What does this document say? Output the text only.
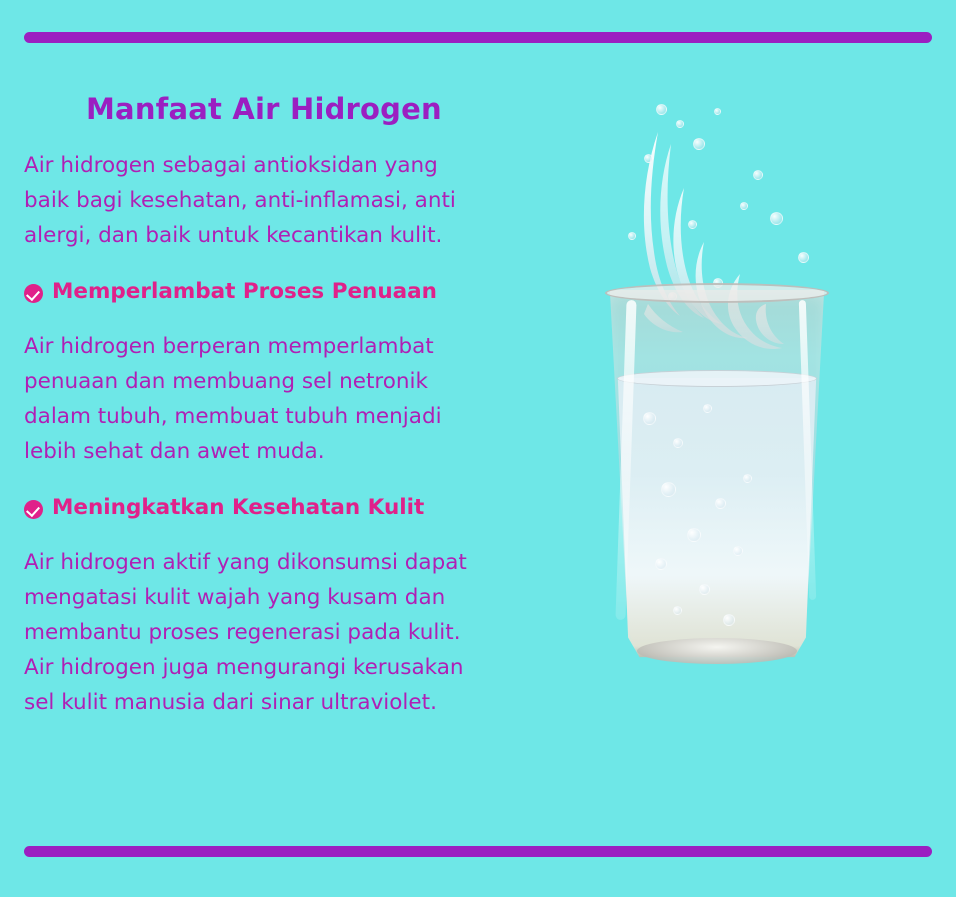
Manfaat Air Hidrogen

Air hidrogen sebagai antioksidan yang baik bagi kesehatan, anti-inflamasi, anti alergi, dan baik untuk kecantikan kulit.

Memperlambat Proses Penuaan

Air hidrogen berperan memperlambat penuaan dan membuang sel netronik dalam tubuh, membuat tubuh menjadi lebih sehat dan awet muda.

Meningkatkan Kesehatan Kulit

Air hidrogen aktif yang dikonsumsi dapat mengatasi kulit wajah yang kusam dan membantu proses regenerasi pada kulit. Air hidrogen juga mengurangi kerusakan sel kulit manusia dari sinar ultraviolet.
